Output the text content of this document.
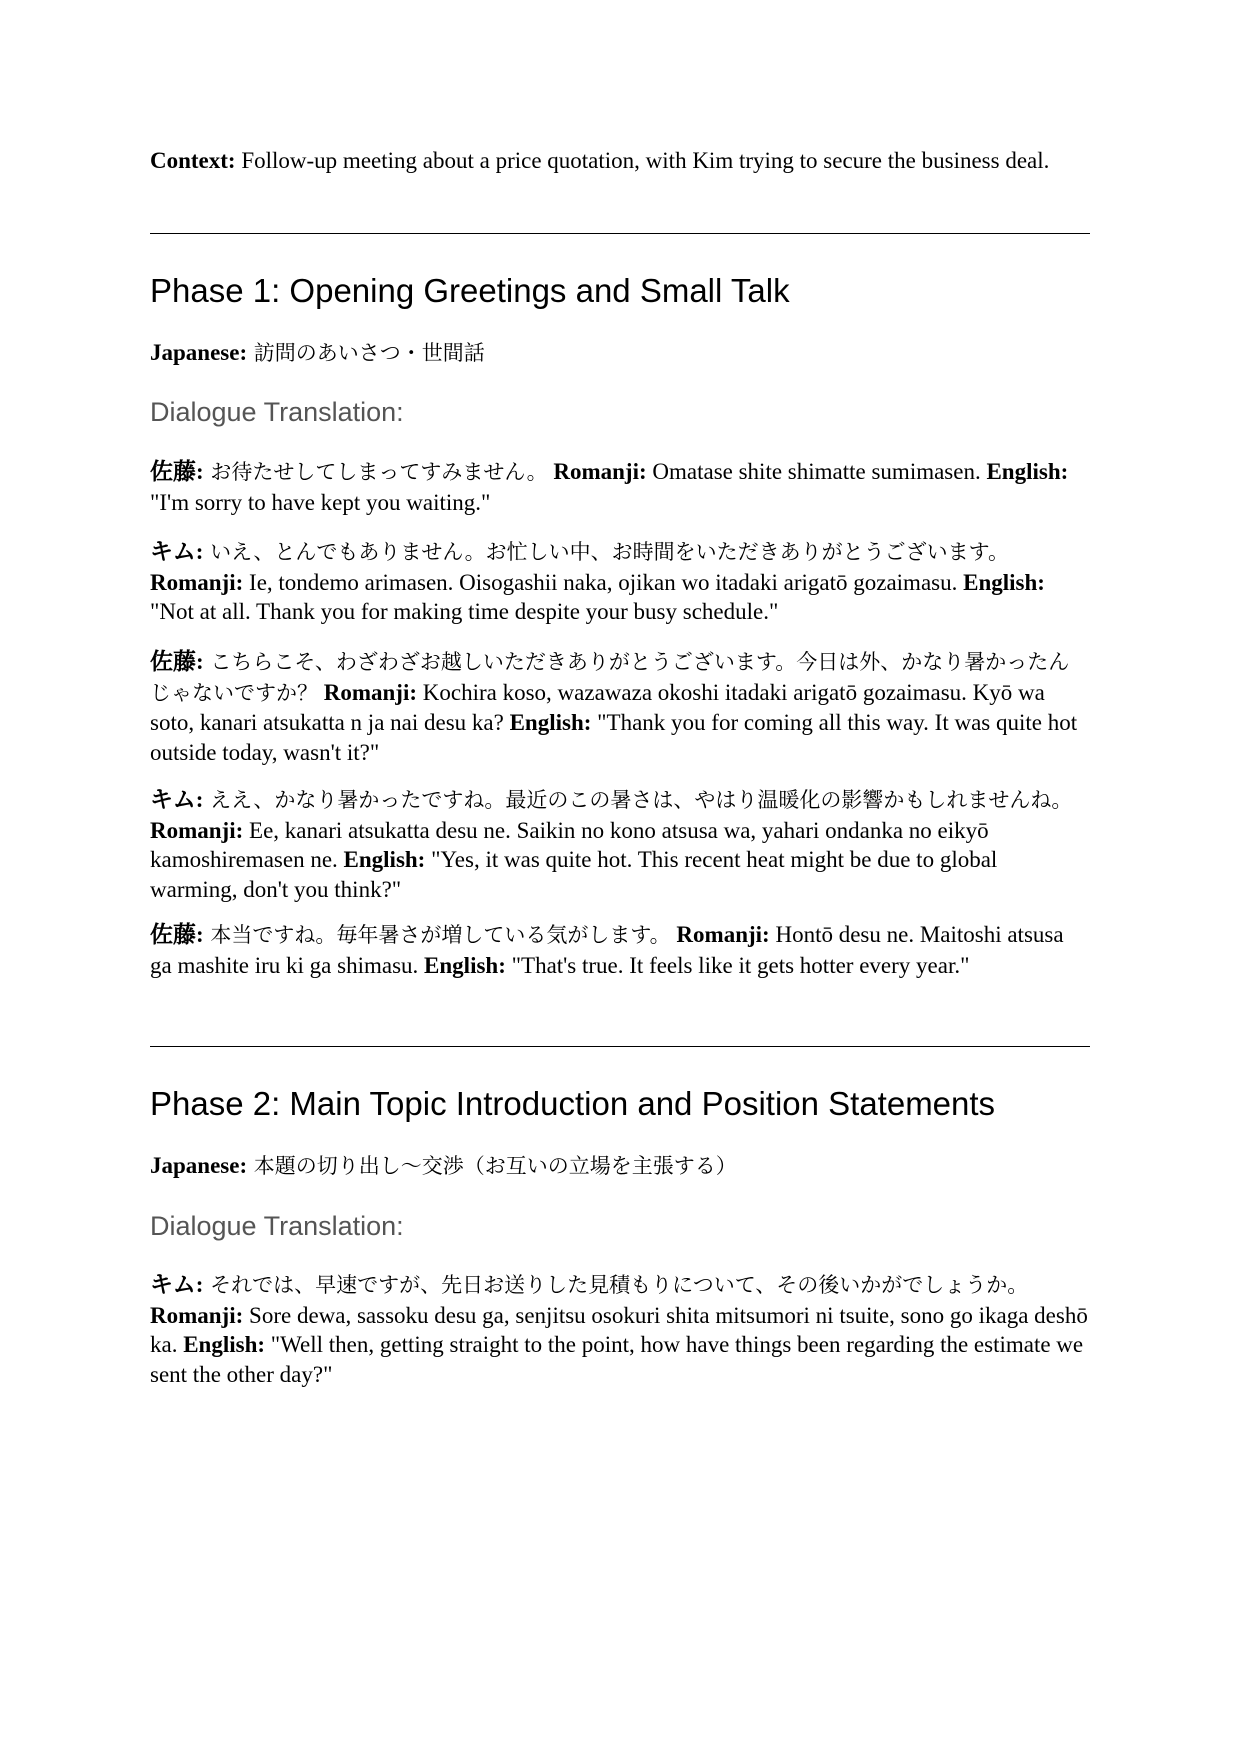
Context: Follow-up meeting about a price quotation, with Kim trying to secure the business deal.

Phase 1: Opening Greetings and Small Talk

Japanese: 訪問のあいさつ・世間話

Dialogue Translation:

佐藤: お待たせしてしまってすみません。 Romanji: Omatase shite shimatte sumimasen. English: "I'm sorry to have kept you waiting."

キム: いえ、とんでもありません。お忙しい中、お時間をいただきありがとうございます。 Romanji: Ie, tondemo arimasen. Oisogashii naka, ojikan wo itadaki arigatō gozaimasu. English: "Not at all. Thank you for making time despite your busy schedule."

佐藤: こちらこそ、わざわざお越しいただきありがとうございます。今日は外、かなり暑かったんじゃないですか？ Romanji: Kochira koso, wazawaza okoshi itadaki arigatō gozaimasu. Kyō wa soto, kanari atsukatta n ja nai desu ka? English: "Thank you for coming all this way. It was quite hot outside today, wasn't it?"

キム: ええ、かなり暑かったですね。最近のこの暑さは、やはり温暖化の影響かもしれませんね。 Romanji: Ee, kanari atsukatta desu ne. Saikin no kono atsusa wa, yahari ondanka no eikyō kamoshiremasen ne. English: "Yes, it was quite hot. This recent heat might be due to global warming, don't you think?"

佐藤: 本当ですね。毎年暑さが増している気がします。 Romanji: Hontō desu ne. Maitoshi atsusa ga mashite iru ki ga shimasu. English: "That's true. It feels like it gets hotter every year."

Phase 2: Main Topic Introduction and Position Statements

Japanese: 本題の切り出し〜交渉（お互いの立場を主張する）

Dialogue Translation:

キム: それでは、早速ですが、先日お送りした見積もりについて、その後いかがでしょうか。 Romanji: Sore dewa, sassoku desu ga, senjitsu osokuri shita mitsumori ni tsuite, sono go ikaga deshō ka. English: "Well then, getting straight to the point, how have things been regarding the estimate we sent the other day?"
